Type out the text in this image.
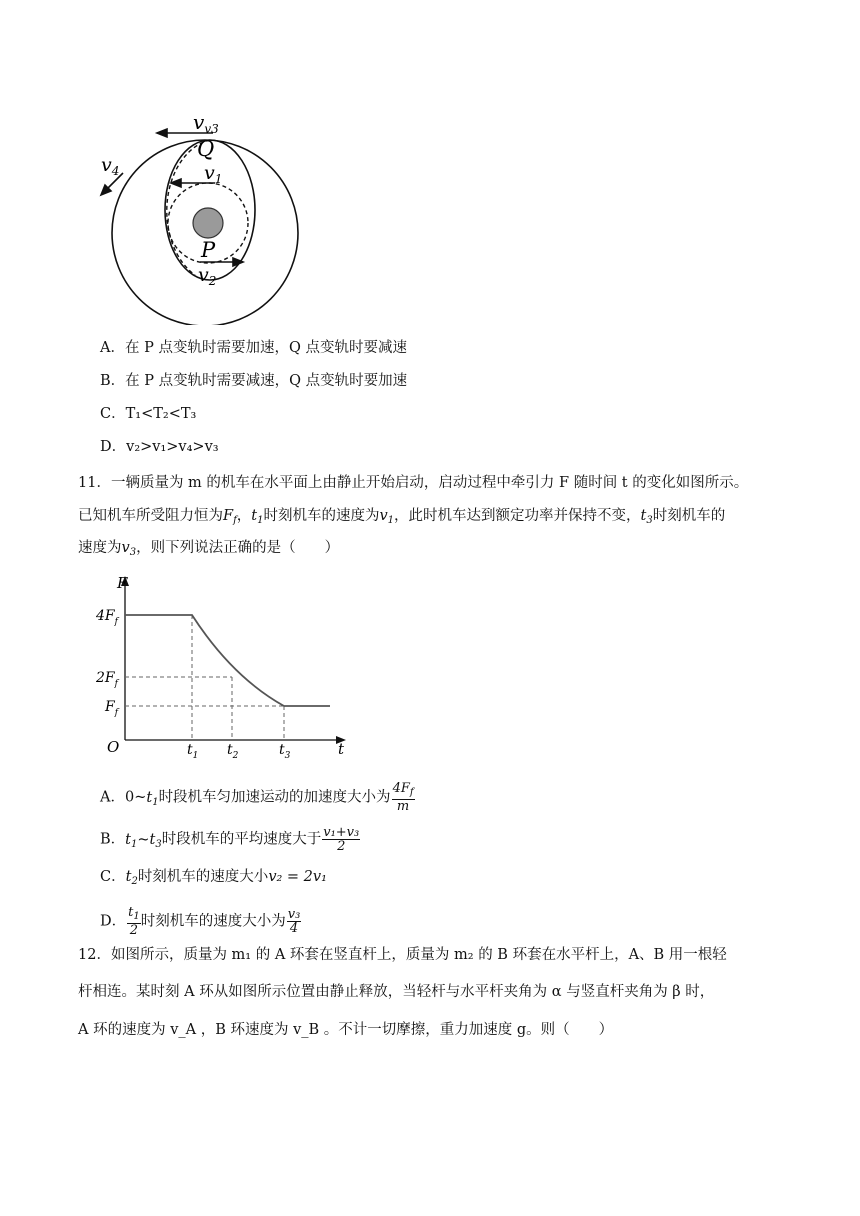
$v_{v3}$
Q
$v_1$
$v_4$
P
$v_2$
A．在 P 点变轨时需要加速，Q 点变轨时要减速
B．在 P 点变轨时需要减速，Q 点变轨时要加速
C．T₁<T₂<T₃
D．v₂>v₁>v₄>v₃
11．一辆质量为 m 的机车在水平面上由静止开始启动，启动过程中牵引力 F 随时间 t 的变化如图所示。
已知机车所受阻力恒为$F_f$，$t_1$时刻机车的速度为$v_1$，此时机车达到额定功率并保持不变，$t_3$时刻机车的
速度为$v_3$，则下列说法正确的是（　　）
F
t
O
$4F_f$
$2F_f$
$F_f$
$t_1$ $t_2$	$t_3$
A．$0\sim t_1$时段机车匀加速运动的加速度大小为 $\frac{4F_f}{m}$
B．$t_1\sim t_3$时段机车的平均速度大于 $\frac{\text{v₁+v₃}}{2}$
C．$t_2$时刻机车的速度大小v₂ = 2v₁
D． $\frac{t_1}{2}$ 时刻机车的速度大小为 $\frac{\text{v₃}}{4}$
12．如图所示，质量为 m₁ 的 A 环套在竖直杆上，质量为 m₂ 的 B 环套在水平杆上，A、B 用一根轻
杆相连。某时刻 A 环从如图所示位置由静止释放，当轻杆与水平杆夹角为 α 与竖直杆夹角为 β 时，
A 环的速度为 v_A ，B 环速度为 v_B 。不计一切摩擦，重力加速度 g。则（　　）
